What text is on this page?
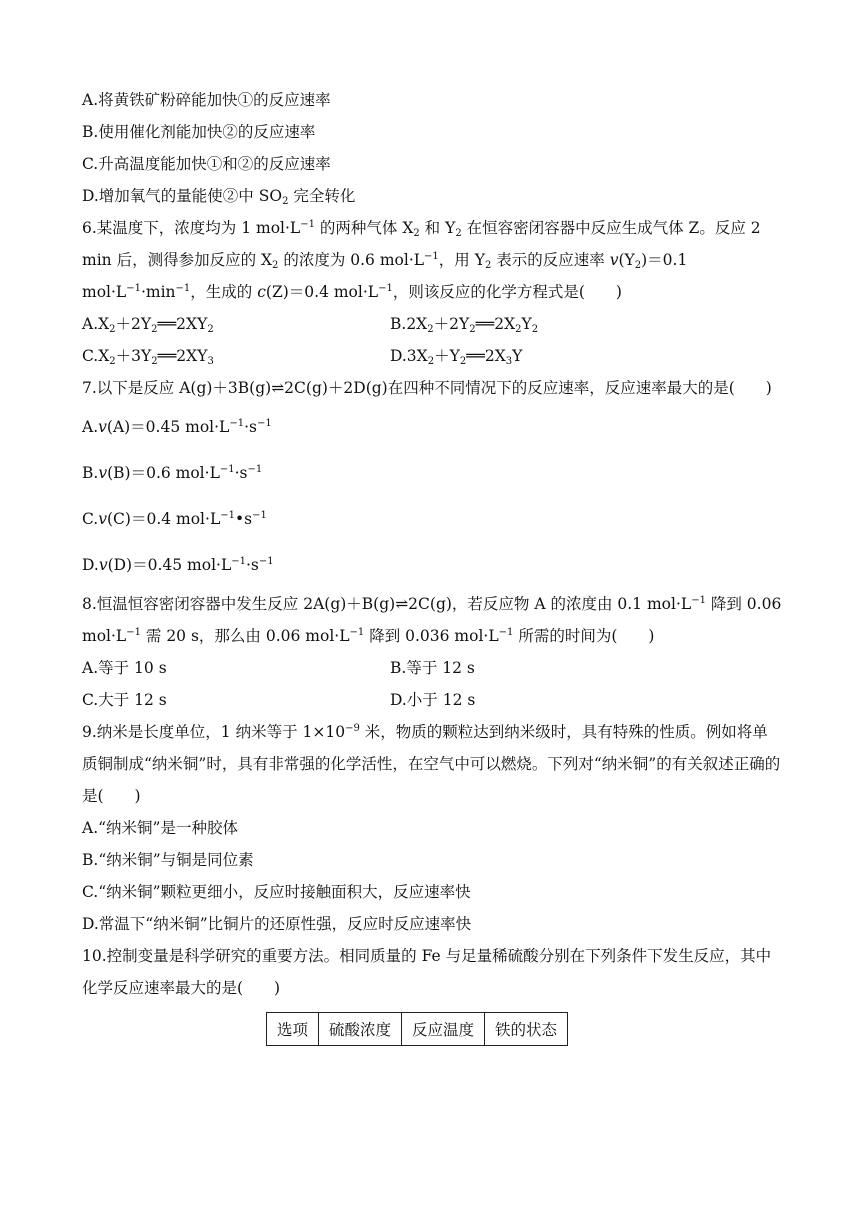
A.将黄铁矿粉碎能加快①的反应速率
B.使用催化剂能加快②的反应速率
C.升高温度能加快①和②的反应速率
D.增加氧气的量能使②中 $SO_2$ 完全转化
6.某温度下，浓度均为 1 $mol\cdot L^{-1}$ 的两种气体 $X_2$ 和 $Y_2$ 在恒容密闭容器中反应生成气体 Z。反应 2 min 后，测得参加反应的 $X_2$ 的浓度为 0.6 $mol\cdot L^{-1}$，用 $Y_2$ 表示的反应速率 $v(Y_2)=0.1$ $mol\cdot L^{-1}\cdot\min^{-1}$，生成的 c(Z)＝0.4 $mol\cdot L^{-1}$，则该反应的化学方程式是(　　)
$A.X_2+2Y_2══2XY_2$	$B.2X_2+2Y_2══2X_2Y_2$
$C.X_2+3Y_2══2XY_3$	$D.3X_2+Y_2══2X_3Y$
7.以下是反应 A(g)＋3B(g)⇌2C(g)＋2D(g)在四种不同情况下的反应速率，反应速率最大的是(　　)
A.v(A)＝0.45 $mol\cdot L^{-1}\cdot s^{-1}$
B.v(B)＝0.6 $mol\cdot L^{-1}\cdot s^{-1}$
C.v(C)＝0.4 $mol\cdot L^{-1}•s^{-1}$
D.v(D)＝0.45 $mol\cdot L^{-1}\cdot s^{-1}$
8.恒温恒容密闭容器中发生反应 2A(g)＋B(g)⇌2C(g)，若反应物 A 的浓度由 0.1 $mol\cdot L^{-1}$ 降到 0.06 $mol\cdot L^{-1}$ 需 20 s，那么由 0.06 $mol\cdot L^{-1}$ 降到 0.036 $mol\cdot L^{-1}$ 所需的时间为(　　)
A.等于 10 s	B.等于 12 s
C.大于 12 s	D.小于 12 s
9.纳米是长度单位，1 纳米等于 $1\times 10^{-9}$ 米，物质的颗粒达到纳米级时，具有特殊的性质。例如将单质铜制成“纳米铜”时，具有非常强的化学活性，在空气中可以燃烧。下列对“纳米铜”的有关叙述正确的是(　　)
A.“纳米铜”是一种胶体
B.“纳米铜”与铜是同位素
C.“纳米铜”颗粒更细小，反应时接触面积大，反应速率快
D.常温下“纳米铜”比铜片的还原性强，反应时反应速率快
10.控制变量是科学研究的重要方法。相同质量的 Fe 与足量稀硫酸分别在下列条件下发生反应，其中化学反应速率最大的是(　　)
选项	硫酸浓度	反应温度	铁的状态
